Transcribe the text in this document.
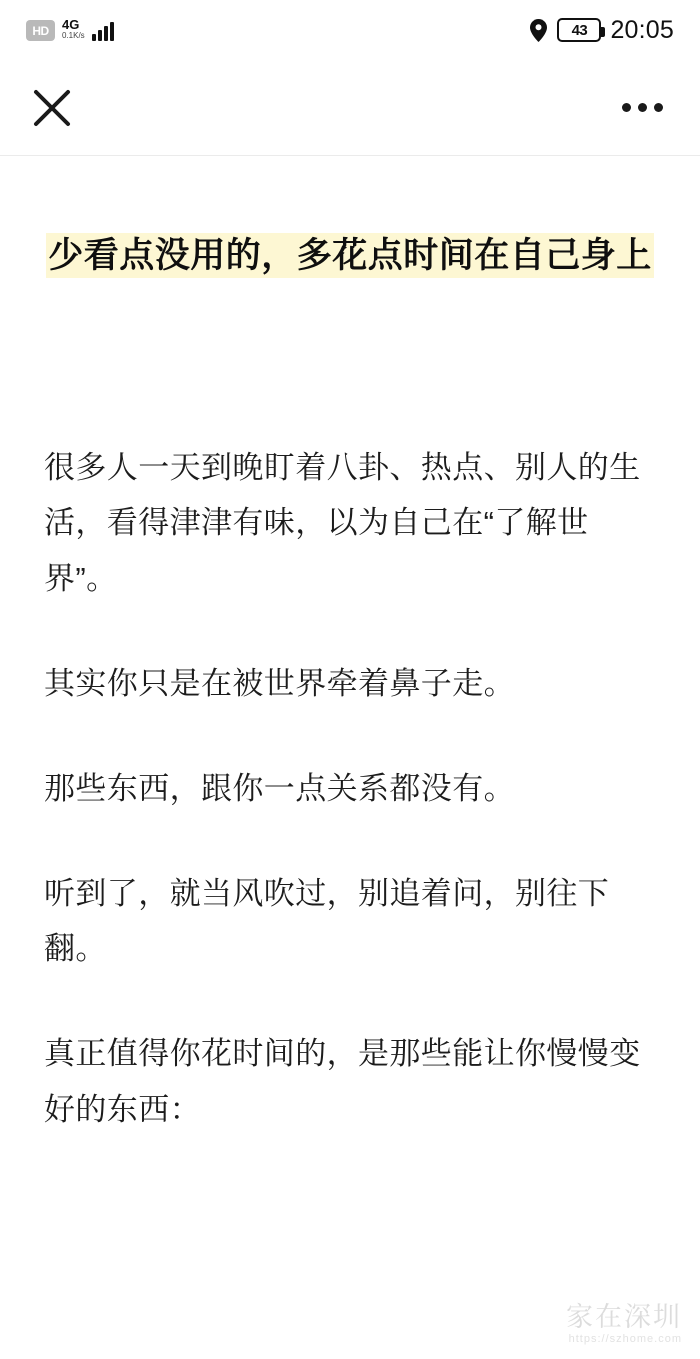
HD	4G
0.1K/s	43 20:05
少看点没用的，多花点时间在自己身上

很多人一天到晚盯着八卦、热点、别人的生活，看得津津有味，以为自己在“了解世界”。

其实你只是在被世界牵着鼻子走。

那些东西，跟你一点关系都没有。

听到了，就当风吹过，别追着问，别往下翻。

真正值得你花时间的，是那些能让你慢慢变好的东西：

家在深圳
https://szhome.com
